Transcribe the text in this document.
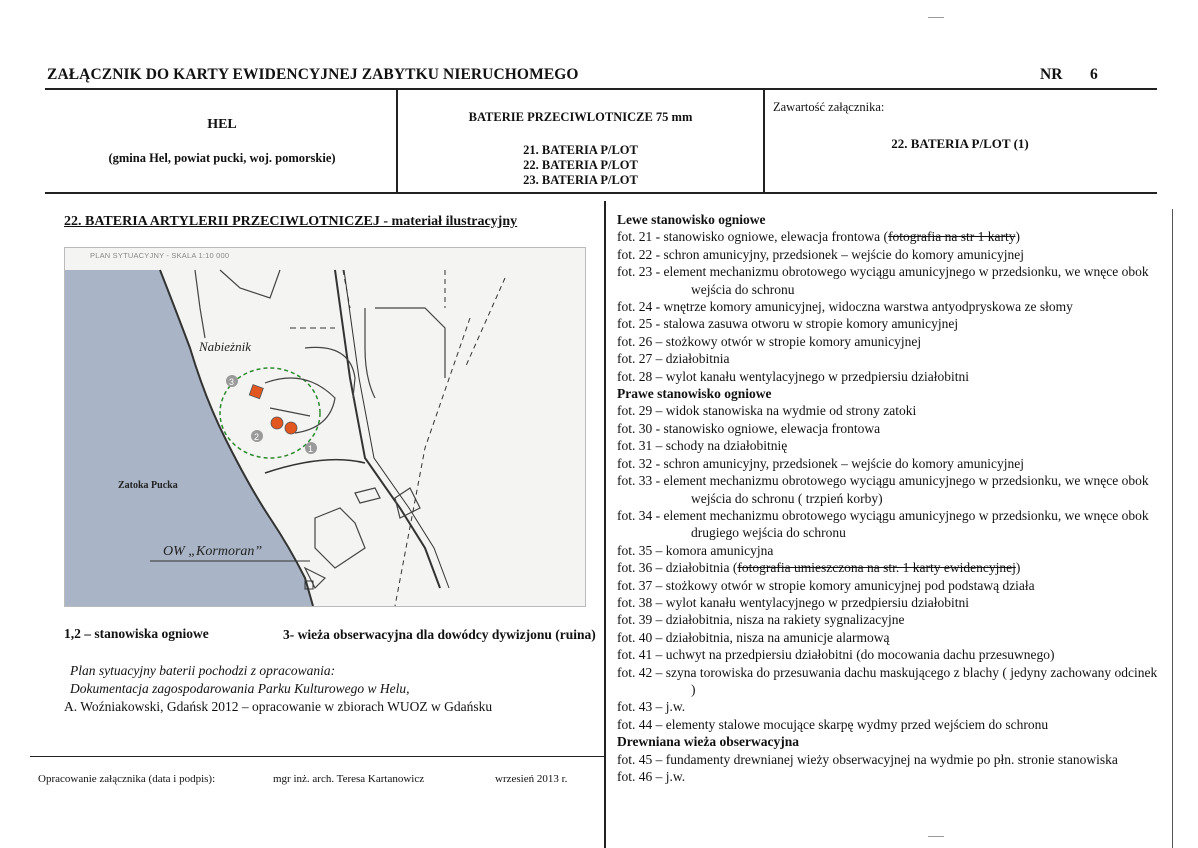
ZAŁĄCZNIK DO KARTY EWIDENCYJNEJ ZABYTKU NIERUCHOMEGO	NR 6
HEL
(gmina Hel, powiat pucki, woj. pomorskie)
BATERIE PRZECIWLOTNICZE 75 mm
21. BATERIA P/LOT
22. BATERIA P/LOT
23. BATERIA P/LOT
Zawartość załącznika:
22. BATERIA P/LOT (1)
22. BATERIA ARTYLERII PRZECIWLOTNICZEJ - materiał ilustracyjny
3
2
1
Nabieżnik
Zatoka Pucka
OW „Kormoran”
PLAN SYTUACYJNY - SKALA 1:10 000
1,2 – stanowiska ogniowe	3- wieża obserwacyjna dla dowódcy dywizjonu (ruina)
Plan sytuacyjny baterii pochodzi z opracowania:
Dokumentacja zagospodarowania Parku Kulturowego w Helu,
A. Woźniakowski, Gdańsk 2012 – opracowanie w zbiorach WUOZ w Gdańsku
Opracowanie załącznika (data i podpis):	mgr inż. arch. Teresa Kartanowicz	wrzesień 2013 r.
Lewe stanowisko ogniowe
fot. 21 - stanowisko ogniowe, elewacja frontowa (fotografia na str 1 karty)
fot. 22 - schron amunicyjny, przedsionek – wejście do komory amunicyjnej
fot. 23 - element mechanizmu obrotowego wyciągu amunicyjnego w przedsionku, we wnęce obok wejścia do schronu
fot. 24 - wnętrze komory amunicyjnej, widoczna warstwa antyodpryskowa ze słomy
fot. 25 - stalowa zasuwa otworu w stropie komory amunicyjnej
fot. 26 – stożkowy otwór w stropie komory amunicyjnej
fot. 27 – działobitnia
fot. 28 – wylot kanału wentylacyjnego w przedpiersiu działobitni
Prawe stanowisko ogniowe
fot. 29 – widok stanowiska na wydmie od strony zatoki
fot. 30 - stanowisko ogniowe, elewacja frontowa
fot. 31 – schody na działobitnię
fot. 32 - schron amunicyjny, przedsionek – wejście do komory amunicyjnej
fot. 33 - element mechanizmu obrotowego wyciągu amunicyjnego w przedsionku, we wnęce obok wejścia do schronu ( trzpień korby)
fot. 34 - element mechanizmu obrotowego wyciągu amunicyjnego w przedsionku, we wnęce obok drugiego wejścia do schronu
fot. 35 – komora amunicyjna
fot. 36 – działobitnia (fotografia umieszczona na str. 1 karty ewidencyjnej)
fot. 37 – stożkowy otwór w stropie komory amunicyjnej pod podstawą działa
fot. 38 – wylot kanału wentylacyjnego w przedpiersiu działobitni
fot. 39 – działobitnia, nisza na rakiety sygnalizacyjne
fot. 40 – działobitnia, nisza na amunicje alarmową
fot. 41 – uchwyt na przedpiersiu działobitni (do mocowania dachu przesuwnego)
fot. 42 – szyna torowiska do przesuwania dachu maskującego z blachy ( jedyny zachowany odcinek )
fot. 43 – j.w.
fot. 44 – elementy stalowe mocujące skarpę wydmy przed wejściem do schronu
Drewniana wieża obserwacyjna
fot. 45 – fundamenty drewnianej wieży obserwacyjnej na wydmie po płn. stronie stanowiska
fot. 46 – j.w.
